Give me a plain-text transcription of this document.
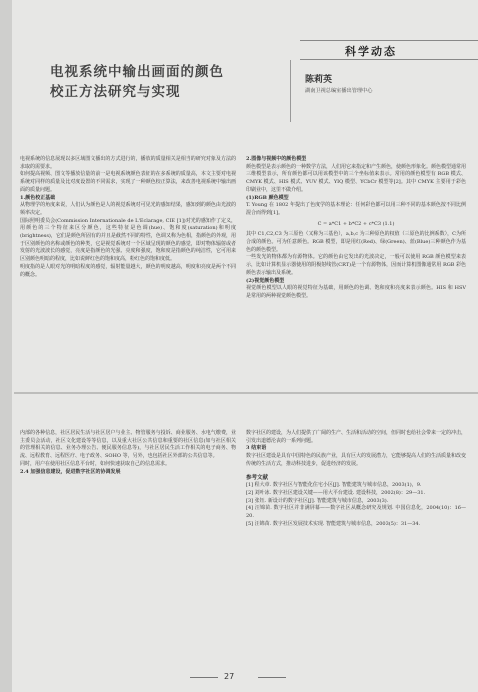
科学动态
电视系统中输出画面的颜色
校正方法研究与实现
陈莉英
湖南卫视总编室播出管理中心

电视系统的信息展现以多区域图文播出的方式进行的，播放的质量相关是相当的研究对象及方法的求取的需要求。

如何提高视频、图文等播放信量的前一是电视系统颜色表征的在多系统的质量高，本文主要对电视系统对同样的质量及比对度设置的不同需求，实现了一种颜色校正算法，来改善电视系统中输出画面的质量问题。

1.颜色校正基础

从物理学的角度来说，人们认为颜色是人的视觉系统对可见光的感知结果，感知到的颜色由光波的频率决定。

国际照明委员会(Commission Internationale de L'Eclarage, CIE [1])对光的感知作了定义，用颜色的三个特征来区分颜色，这些特征是色调(hue)、饱和度(saturation)和明度(brightness)，它们是颜色所固有的并且是截然不同的特性，色调又称为色相，指颜色的外观，用于区别颜色的名称或颜色的种类，它是视觉系统对一个区域呈现的颜色的感觉，即对物体辐射或者发射的光波波长的感觉，亮度是指颜色的光强、亮度和强度，饱和度是指颜色的纯洁性，它可用来区别颜色明暗的程度，比如说鲜红色的饱和度高，粉红色的饱和度低。

明度指的是人眼对光的明暗程度的感觉，辐射能量越大，颜色的明度越高，明度和亮度是两个不同的概念。

2.图像与视频中的颜色模型

颜色模型是表示颜色的一种数学方法，人们用它来指定和产生颜色，使颜色形象化。颜色模型通常用三维模型表示，所有颜色都可以用该模型中的三个坐标值来表示。常用的颜色模型有 RGB 模式、CMYK 模式、HIS 模式、YUV 模式、YIQ 模型、YCbCr 模型等[2]。其中 CMYK 主要用于彩色印刷业中，这里不做介绍。

(1)RGB 颜色模型

T. Young 在 1802 年提出了色度学的基本理论：任何彩色都可以用三种不同的基本颜色按不同比例混合而得到[1]。

C = a*C1 + b*C2 + c*C3 (1.1)

其中 C1,C2,C3 为三原色（又称为三基色），a,b,c 为三种原色的权值（三原色的比例系数），C为所合成的颜色。可为任意颜色。RGB 模型，即是用红(Red)、绿(Green)、蓝(Blue)三种颜色作为基色的颜色模型。

一些发光的物体都为有源物体。它的颜色由它发出的光波决定，一般可以使用 RGB 颜色模型来表示，比如计算机显示器使用的阴极射线管(CRT)是一个有源物体，因而计算机图像通常用 RGB 彩色颜色表示输出及系统。

(2)视觉颜色模型

视觉颜色模型以人眼的视觉特征为基础，用颜色的色调、饱和度和亮度来表示颜色。HIS 和 HSV 是常用的两种视觉颜色模型。

内部的各种信息，社区居民生活与社区居户与业主、物管服务与投诉、商业服务、水电气缴费，业主委员会活动，社区文化建设等等信息，以及重大社区公共信息和重要的社区信息(如与社区相关的管理相关的信息、业务办理公告、便民服务信息等)，与社区居民生活工作相关的电子商务、物流、远程教育、远程医疗、电子政务、SOHO 等，另外，也包括社区外部的公共信息等。

同时，用户在使用社区信息平台时，如何快速获取自己的信息需求。

2.4 加强信息建设，促进数字社区的协调发展

数字社区的建设，为人们提供了广阔的生产、生活和活动的空间，但同时也给社会带来一定的冲击，引发出道德沦丧的一系列问题。

3 结束语

数字社区建设是具有中国特色的民族产业，具有巨大的发展潜力，它能够提高人们的生活质量和改变传统的生活方式，推动科技进步，促进经济的发展。

参考文献

[1] 程大章. 数字社区与智能化住宅小区[J]. 智能建筑与城市信息，2003(1)，9.

[2] 刘叶冰. 数字社区建设关键——用大平台建设. 建设科技，2002(8)：29—31.

[3] 张钰. 新设计的数字社区[J]. 智能建筑与城市信息，2003(3).

[4] 汪锦苗. 数字社区并非满屏幕——数字社区从概念研究及规划. 中国信息化，2004(10)：16—20.

[5] 汪锦苗. 数字社区发展技术实现. 智能建筑与城市信息，2003(5)：31—34.

27
